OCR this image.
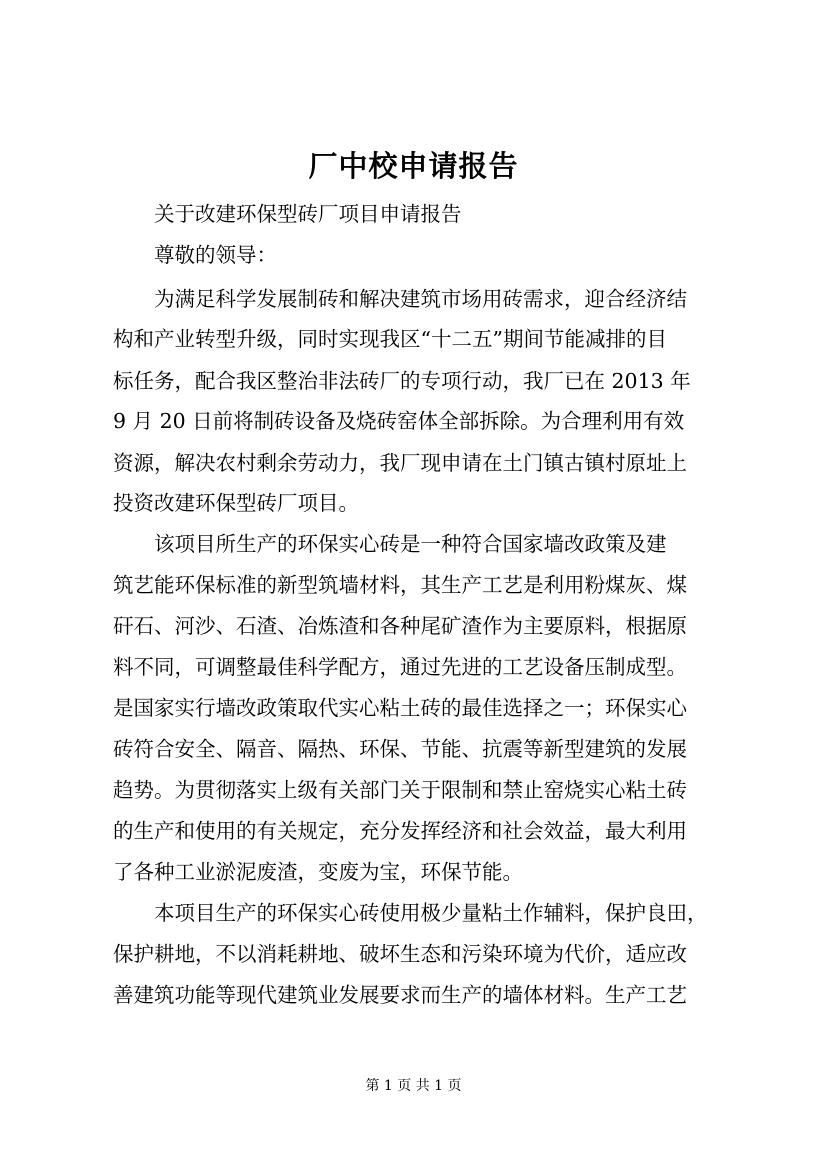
厂中校申请报告
关于改建环保型砖厂项目申请报告
尊敬的领导：
为满足科学发展制砖和解决建筑市场用砖需求，迎合经济结
构和产业转型升级，同时实现我区“十二五”期间节能减排的目
标任务，配合我区整治非法砖厂的专项行动，我厂已在 2013 年
9 月 20 日前将制砖设备及烧砖窑体全部拆除。为合理利用有效
资源，解决农村剩余劳动力，我厂现申请在土门镇古镇村原址上
投资改建环保型砖厂项目。
该项目所生产的环保实心砖是一种符合国家墙改政策及建
筑艺能环保标准的新型筑墙材料，其生产工艺是利用粉煤灰、煤
矸石、河沙、石渣、冶炼渣和各种尾矿渣作为主要原料，根据原
料不同，可调整最佳科学配方，通过先进的工艺设备压制成型。
是国家实行墙改政策取代实心粘土砖的最佳选择之一；环保实心
砖符合安全、隔音、隔热、环保、节能、抗震等新型建筑的发展
趋势。为贯彻落实上级有关部门关于限制和禁止窑烧实心粘土砖
的生产和使用的有关规定，充分发挥经济和社会效益，最大利用
了各种工业淤泥废渣，变废为宝，环保节能。
本项目生产的环保实心砖使用极少量粘土作辅料，保护良田，
保护耕地，不以消耗耕地、破坏生态和污染环境为代价，适应改
善建筑功能等现代建筑业发展要求而生产的墙体材料。生产工艺
第 1 页 共 1 页
